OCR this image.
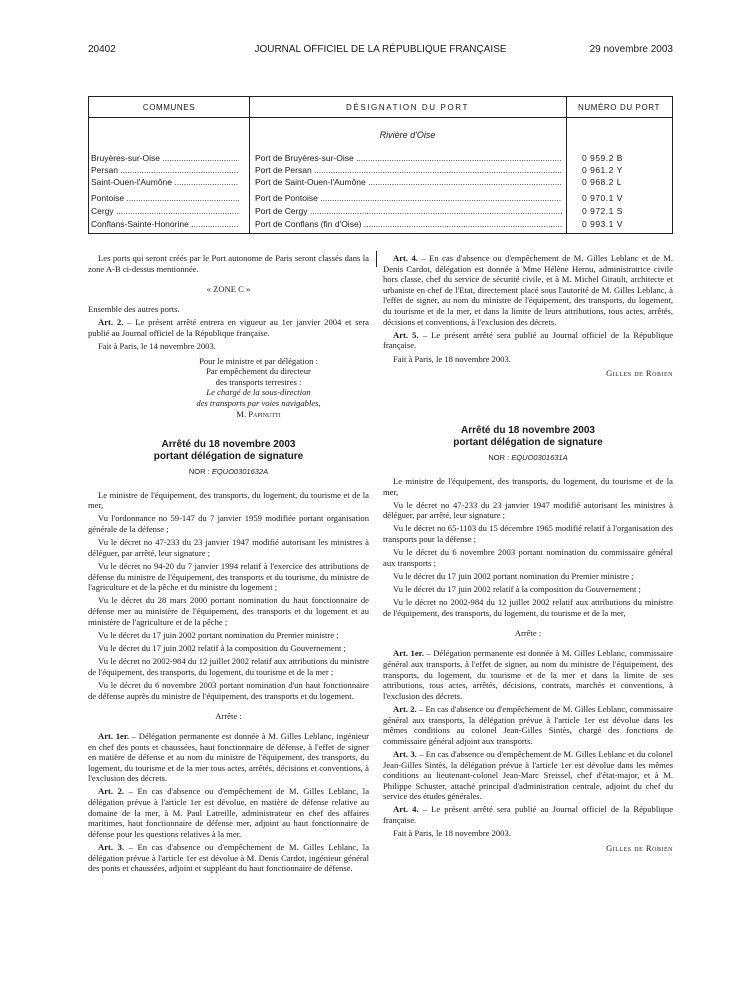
20402	JOURNAL OFFICIEL DE LA RÉPUBLIQUE FRANÇAISE	29 novembre 2003
COMMUNES	DÉSIGNATION DU PORT	NUMÉRO DU PORT
Rivière d'Oise
Bruyères-sur-Oise .....	Port de Bruyères-sur-Oise .....	0 959.2 B
Persan .....	Port de Persan .....	0 961.2 Y
Saint-Ouen-l'Aumône .....	Port de Saint-Ouen-l'Aumône .....	0 968.2 L
Pontoise .....	Port de Pontoise .....	0 970.1 V
Cergy .....	Port de Cergy .....	0 972.1 S
Conflans-Sainte-Honorine .....	Port de Conflans (fin d'Oise) .....	0 993.1 V

Les ports qui seront créés par le Port autonome de Paris seront classés dans la zone A-B ci-dessus mentionnée.

« ZONE C »

Ensemble des autres ports.

Art. 2. – Le présent arrêté entrera en vigueur au 1er janvier 2004 et sera publié au Journal officiel de la République française.

Fait à Paris, le 14 novembre 2003.

Pour le ministre et par délégation :
Par empêchement du directeur
des transports terrestres :
Le chargé de la sous-direction
des transports par voies navigables,
M. Papinutti

Arrêté du 18 novembre 2003

portant délégation de signature

NOR : EQUO0301632A

Le ministre de l'équipement, des transports, du logement, du tourisme et de la mer,

Vu l'ordonnance no 59-147 du 7 janvier 1959 modifiée portant organisation générale de la défense ;

Vu le décret no 47-233 du 23 janvier 1947 modifié autorisant les ministres à déléguer, par arrêté, leur signature ;

Vu le décret no 94-20 du 7 janvier 1994 relatif à l'exercice des attributions de défense du ministre de l'équipement, des transports et du tourisme, du ministre de l'agriculture et de la pêche et du ministre du logement ;

Vu le décret du 28 mars 2000 portant nomination du haut fonctionnaire de défense mer au ministère de l'équipement, des transports et du logement et au ministère de l'agriculture et de la pêche ;

Vu le décret du 17 juin 2002 portant nomination du Premier ministre ;

Vu le décret du 17 juin 2002 relatif à la composition du Gouvernement ;

Vu le décret no 2002-984 du 12 juillet 2002 relatif aux attributions du ministre de l'équipement, des transports, du logement, du tourisme et de la mer ;

Vu le décret du 6 novembre 2003 portant nomination d'un haut fonctionnaire de défense auprès du ministre de l'équipement, des transports et du logement.

Arrête :

Art. 1er. – Délégation permanente est donnée à M. Gilles Leblanc, ingénieur en chef des ponts et chaussées, haut fonctionnaire de défense, à l'effet de signer en matière de défense et au nom du ministre de l'équipement, des transports, du logement, du tourisme et de la mer tous actes, arrêtés, décisions et conventions, à l'exclusion des décrets.

Art. 2. – En cas d'absence ou d'empêchement de M. Gilles Leblanc, la délégation prévue à l'article 1er est dévolue, en matière de défense relative au domaine de la mer, à M. Paul Latreille, administrateur en chef des affaires maritimes, haut fonctionnaire de défense mer, adjoint au haut fonctionnaire de défense pour les questions relatives à la mer.

Art. 3. – En cas d'absence ou d'empêchement de M. Gilles Leblanc, la délégation prévue à l'article 1er est dévolue à M. Denis Cardot, ingénieur général des ponts et chaussées, adjoint et suppléant du haut fonctionnaire de défense.

Art. 4. – En cas d'absence ou d'empêchement de M. Gilles Leblanc et de M. Denis Cardot, délégation est donnée à Mme Hélène Hernu, administratrice civile hors classe, chef du service de sécurité civile, et à M. Michel Girault, architecte et urbaniste en chef de l'Etat, directement placé sous l'autorité de M. Gilles Leblanc, à l'effet de signer, au nom du ministre de l'équipement, des transports, du logement, du tourisme et de la mer, et dans la limite de leurs attributions, tous actes, arrêtés, décisions et conventions, à l'exclusion des décrets.

Art. 5. – Le présent arrêté sera publié au Journal officiel de la République française.

Fait à Paris, le 18 novembre 2003.

Gilles de Robien

Arrêté du 18 novembre 2003

portant délégation de signature

NOR : EQUO0301631A

Le ministre de l'équipement, des transports, du logement, du tourisme et de la mer,

Vu le décret no 47-233 du 23 janvier 1947 modifié autorisant les ministres à déléguer, par arrêté, leur signature ;

Vu le décret no 65-1103 du 15 décembre 1965 modifié relatif à l'organisation des transports pour la défense ;

Vu le décret du 6 novembre 2003 portant nomination du commissaire général aux transports ;

Vu le décret du 17 juin 2002 portant nomination du Premier ministre ;

Vu le décret du 17 juin 2002 relatif à la composition du Gouvernement ;

Vu le décret no 2002-984 du 12 juillet 2002 relatif aux attributions du ministre de l'équipement, des transports, du logement, du tourisme et de la mer,

Arrête :

Art. 1er. – Délégation permanente est donnée à M. Gilles Leblanc, commissaire général aux transports, à l'effet de signer, au nom du ministre de l'équipement, des transports, du logement, du tourisme et de la mer et dans la limite de ses attributions, tous actes, arrêtés, décisions, contrats, marchés et conventions, à l'exclusion des décrets.

Art. 2. – En cas d'absence ou d'empêchement de M. Gilles Leblanc, commissaire général aux transports, la délégation prévue à l'article 1er est dévolue dans les mêmes conditions au colonel Jean-Gilles Sintès, chargé des fonctions de commissaire général adjoint aux transports.

Art. 3. – En cas d'absence ou d'empêchement de M. Gilles Leblanc et du colonel Jean-Gilles Sintès, la délégation prévue à l'article 1er est dévolue dans les mêmes conditions au lieutenant-colonel Jean-Marc Sreissel, chef d'état-major, et à M. Philippe Schuster, attaché principal d'administration centrale, adjoint du chef du service des études générales.

Art. 4. – Le présent arrêté sera publié au Journal officiel de la République française.

Fait à Paris, le 18 novembre 2003.

Gilles de Robien
